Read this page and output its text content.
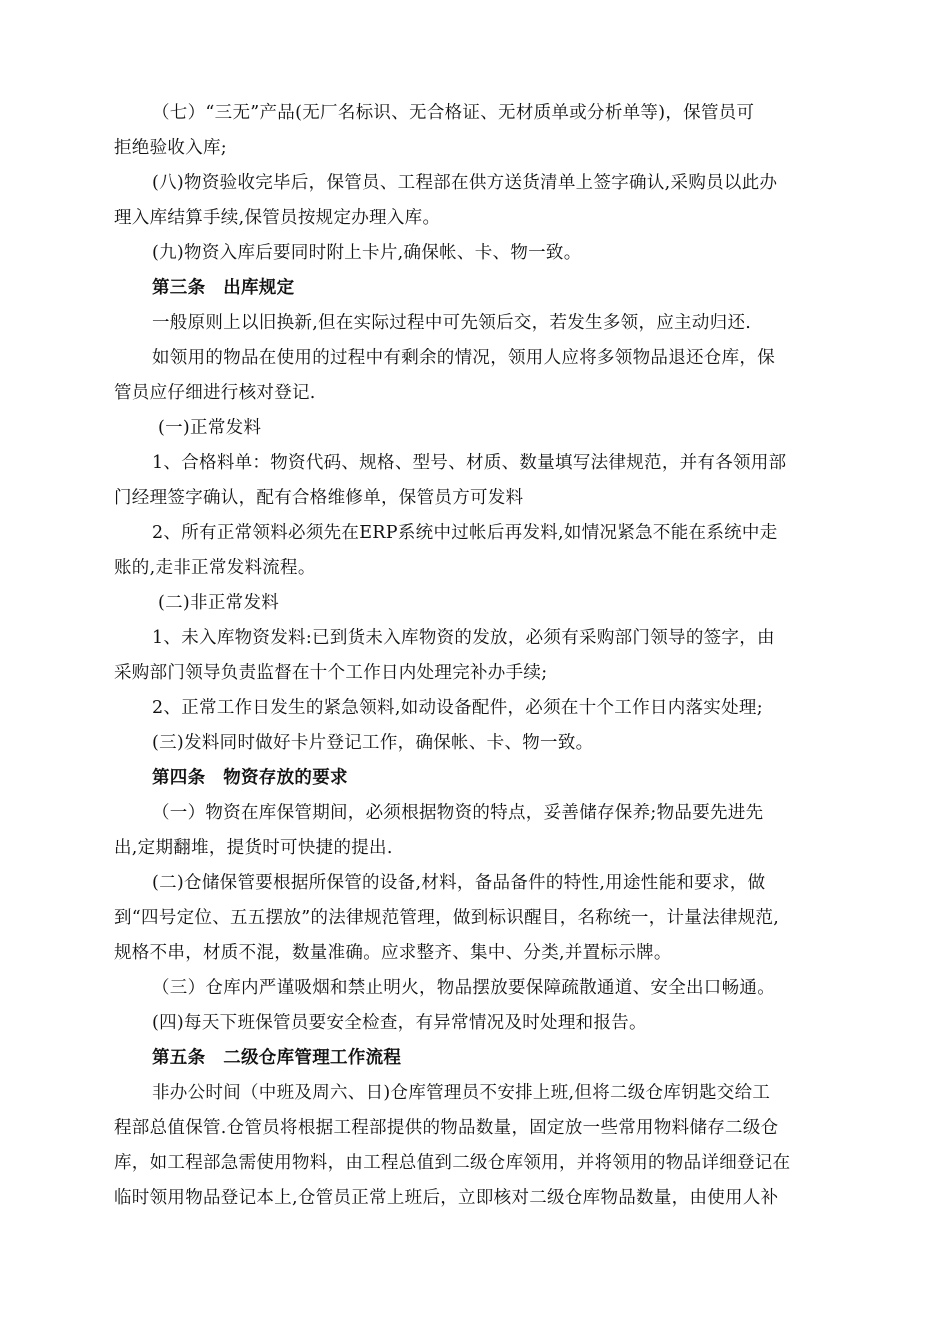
（七）“三无”产品(无厂名标识、无合格证、无材质单或分析单等)，保管员可
拒绝验收入库;
(八)物资验收完毕后，保管员、工程部在供方送货清单上签字确认,采购员以此办
理入库结算手续,保管员按规定办理入库。
(九)物资入库后要同时附上卡片,确保帐、卡、物一致。
第三条　出库规定
一般原则上以旧换新,但在实际过程中可先领后交，若发生多领，应主动归还.
如领用的物品在使用的过程中有剩余的情况，领用人应将多领物品退还仓库，保
管员应仔细进行核对登记.
(一)正常发料
1、合格料单：物资代码、规格、型号、材质、数量填写法律规范，并有各领用部
门经理签字确认，配有合格维修单，保管员方可发料
2、所有正常领料必须先在ERP系统中过帐后再发料,如情况紧急不能在系统中走
账的,走非正常发料流程。
(二)非正常发料
1、未入库物资发料:已到货未入库物资的发放，必须有采购部门领导的签字，由
采购部门领导负责监督在十个工作日内处理完补办手续;
2、正常工作日发生的紧急领料,如动设备配件，必须在十个工作日内落实处理;
(三)发料同时做好卡片登记工作，确保帐、卡、物一致。
第四条　物资存放的要求
（一）物资在库保管期间，必须根据物资的特点，妥善储存保养;物品要先进先
出,定期翻堆，提货时可快捷的提出.
(二)仓储保管要根据所保管的设备,材料，备品备件的特性,用途性能和要求，做
到“四号定位、五五摆放”的法律规范管理，做到标识醒目，名称统一，计量法律规范,
规格不串，材质不混，数量准确。应求整齐、集中、分类,并置标示牌。
（三）仓库内严谨吸烟和禁止明火，物品摆放要保障疏散通道、安全出口畅通。
(四)每天下班保管员要安全检查，有异常情况及时处理和报告。
第五条　二级仓库管理工作流程
非办公时间（中班及周六、日)仓库管理员不安排上班,但将二级仓库钥匙交给工
程部总值保管.仓管员将根据工程部提供的物品数量，固定放一些常用物料储存二级仓
库，如工程部急需使用物料，由工程总值到二级仓库领用，并将领用的物品详细登记在
临时领用物品登记本上,仓管员正常上班后，立即核对二级仓库物品数量，由使用人补
